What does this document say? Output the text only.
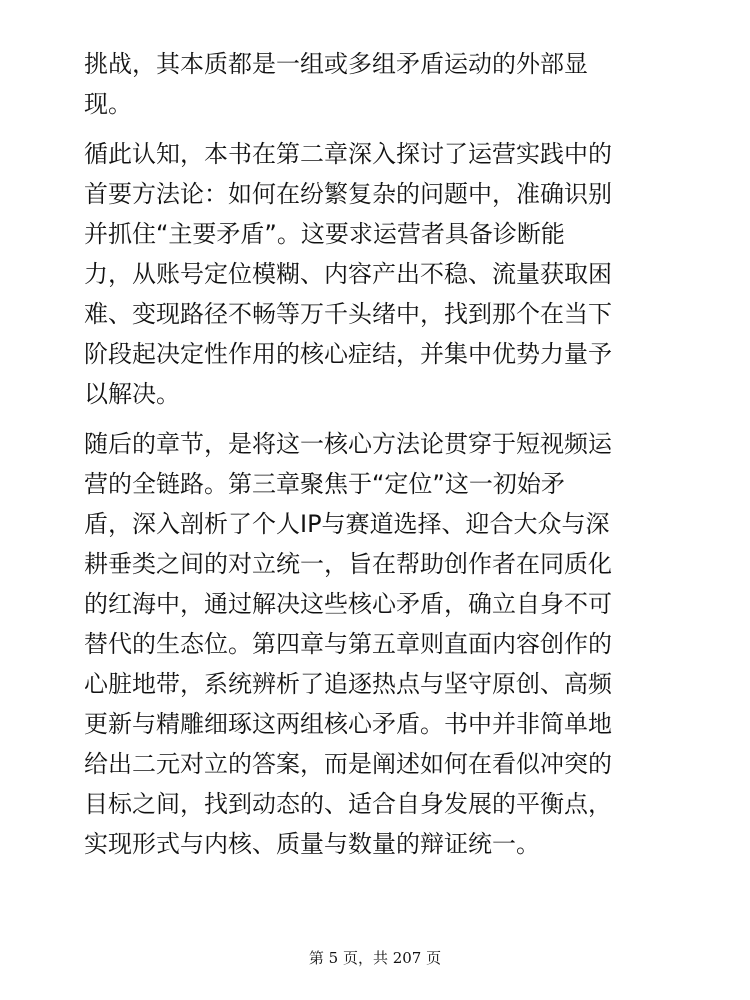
挑战，其本质都是一组或多组矛盾运动的外部显
现。

循此认知，本书在第二章深入探讨了运营实践中的
首要方法论：如何在纷繁复杂的问题中，准确识别
并抓住“主要矛盾”。这要求运营者具备诊断能
力，从账号定位模糊、内容产出不稳、流量获取困
难、变现路径不畅等万千头绪中，找到那个在当下
阶段起决定性作用的核心症结，并集中优势力量予
以解决。

随后的章节，是将这一核心方法论贯穿于短视频运
营的全链路。第三章聚焦于“定位”这一初始矛
盾，深入剖析了个人IP与赛道选择、迎合大众与深
耕垂类之间的对立统一，旨在帮助创作者在同质化
的红海中，通过解决这些核心矛盾，确立自身不可
替代的生态位。第四章与第五章则直面内容创作的
心脏地带，系统辨析了追逐热点与坚守原创、高频
更新与精雕细琢这两组核心矛盾。书中并非简单地
给出二元对立的答案，而是阐述如何在看似冲突的
目标之间，找到动态的、适合自身发展的平衡点，
实现形式与内核、质量与数量的辩证统一。

第 5 页，共 207 页
